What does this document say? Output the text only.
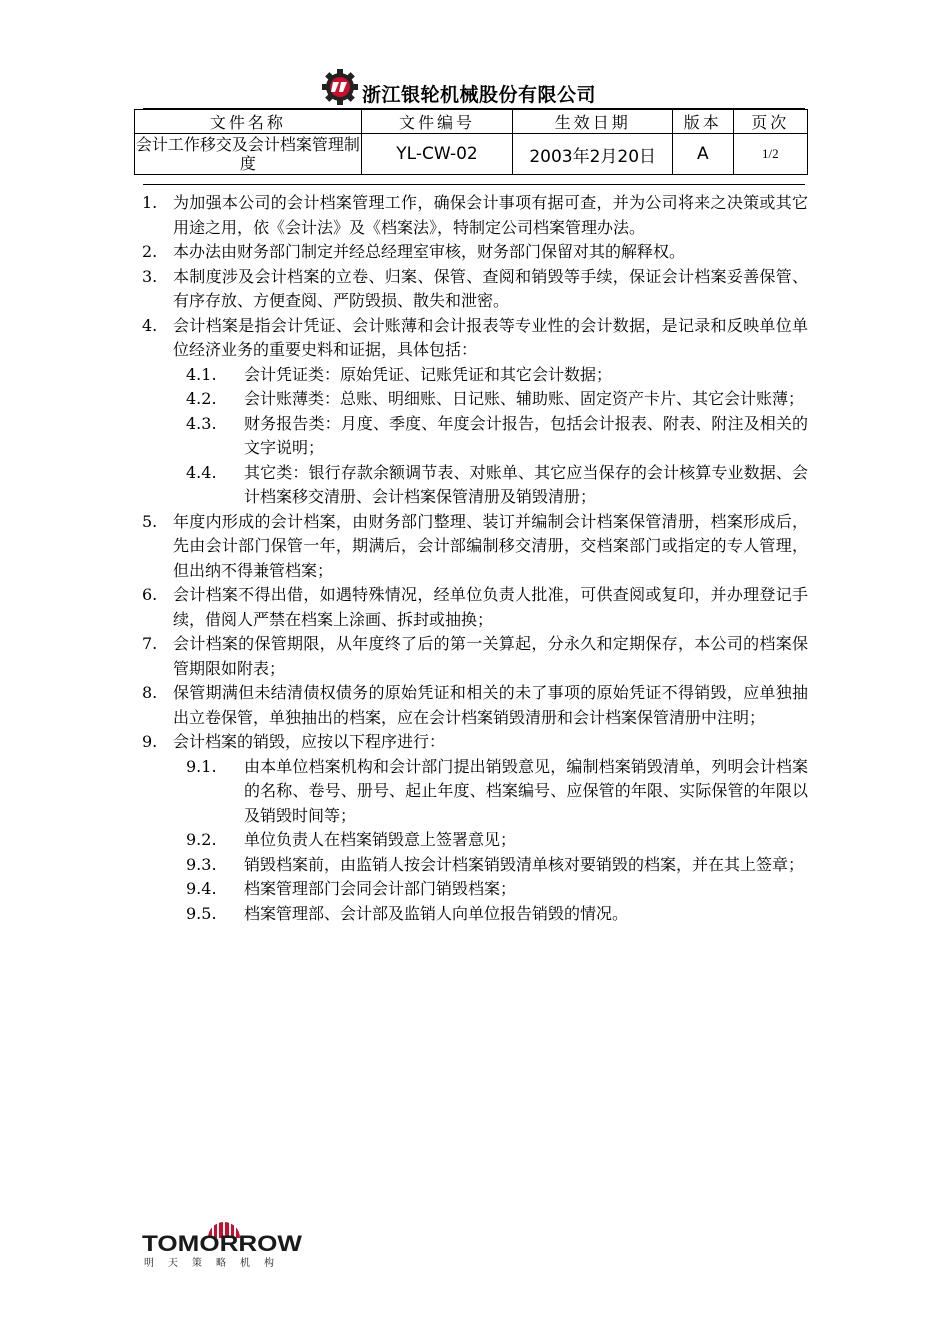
浙江银轮机械股份有限公司
文件名称	文件编号	生效日期	版本	页次
会计工作移交及会计档案管理制度	YL-CW-02	2003年2月20日	A	1/2
1. 为加强本公司的会计档案管理工作，确保会计事项有据可查，并为公司将来之决策或其它用途之用，依《会计法》及《档案法》，特制定公司档案管理办法。
2. 本办法由财务部门制定并经总经理室审核，财务部门保留对其的解释权。
3. 本制度涉及会计档案的立卷、归案、保管、查阅和销毁等手续，保证会计档案妥善保管、有序存放、方便查阅、严防毁损、散失和泄密。
4. 会计档案是指会计凭证、会计账薄和会计报表等专业性的会计数据，是记录和反映单位单位经济业务的重要史料和证据，具体包括：
4.1. 会计凭证类：原始凭证、记账凭证和其它会计数据；
4.2. 会计账薄类：总账、明细账、日记账、辅助账、固定资产卡片、其它会计账薄；
4.3. 财务报告类：月度、季度、年度会计报告，包括会计报表、附表、附注及相关的文字说明；
4.4. 其它类：银行存款余额调节表、对账单、其它应当保存的会计核算专业数据、会计档案移交清册、会计档案保管清册及销毁清册；
5. 年度内形成的会计档案，由财务部门整理、装订并编制会计档案保管清册，档案形成后，先由会计部门保管一年，期满后，会计部编制移交清册，交档案部门或指定的专人管理，但出纳不得兼管档案；
6. 会计档案不得出借，如遇特殊情况，经单位负责人批准，可供查阅或复印，并办理登记手续，借阅人严禁在档案上涂画、拆封或抽换；
7. 会计档案的保管期限，从年度终了后的第一关算起，分永久和定期保存，本公司的档案保管期限如附表；
8. 保管期满但未结清债权债务的原始凭证和相关的未了事项的原始凭证不得销毁，应单独抽出立卷保管，单独抽出的档案，应在会计档案销毁清册和会计档案保管清册中注明；
9. 会计档案的销毁，应按以下程序进行：
9.1. 由本单位档案机构和会计部门提出销毁意见，编制档案销毁清单，列明会计档案的名称、卷号、册号、起止年度、档案编号、应保管的年限、实际保管的年限以及销毁时间等；
9.2. 单位负责人在档案销毁意上签署意见；
9.3. 销毁档案前，由监销人按会计档案销毁清单核对要销毁的档案，并在其上签章；
9.4. 档案管理部门会同会计部门销毁档案；
9.5. 档案管理部、会计部及监销人向单位报告销毁的情况。
TOMORROW
明天策略机构
